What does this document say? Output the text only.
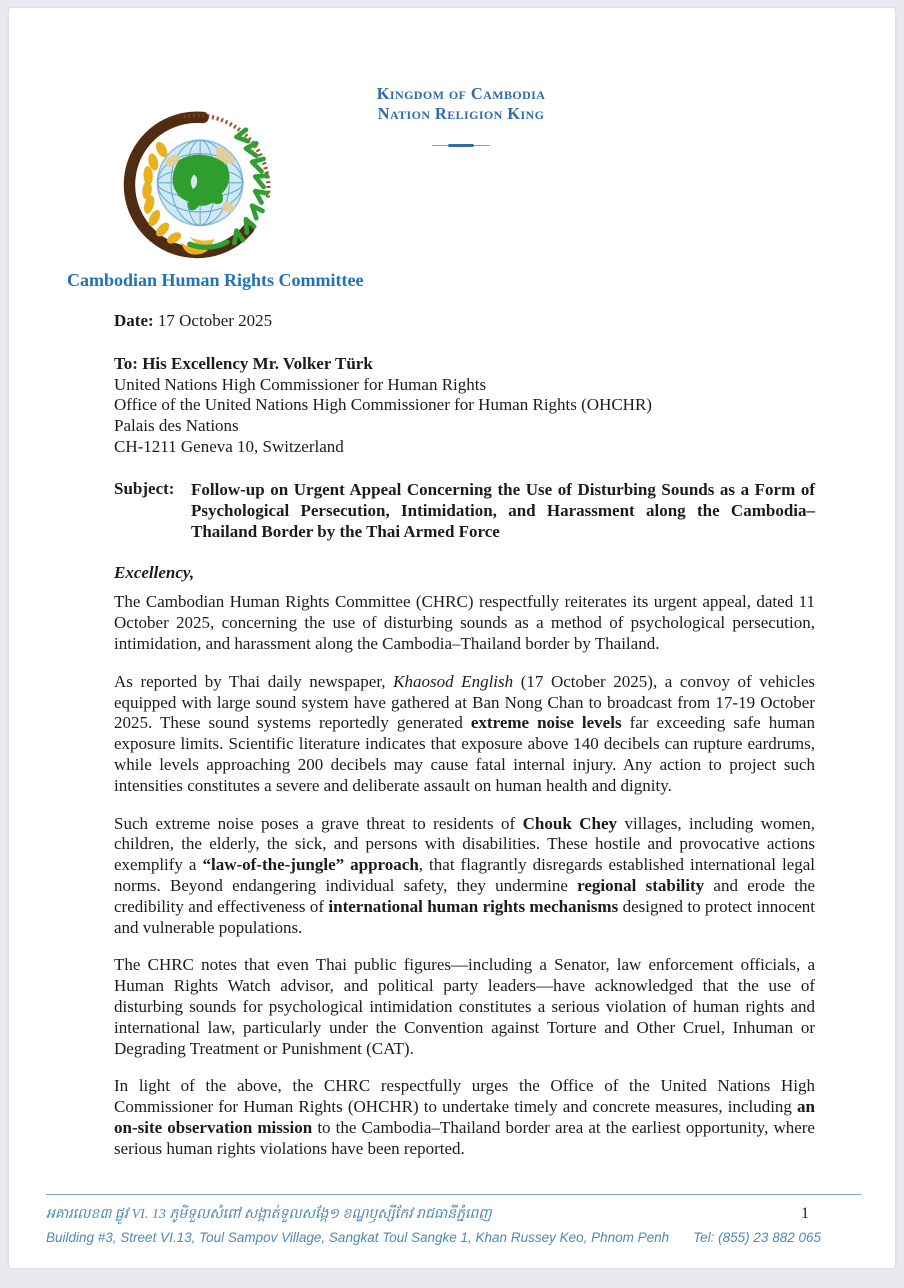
Kingdom of Cambodia
Nation Religion King
Cambodian Human Rights Committee

Date: 17 October 2025

To: His Excellency Mr. Volker Türk

United Nations High Commissioner for Human Rights

Office of the United Nations High Commissioner for Human Rights (OHCHR)

Palais des Nations

CH-1211 Geneva 10, Switzerland

Subject: Follow-up on Urgent Appeal Concerning the Use of Disturbing Sounds as a Form of Psychological Persecution, Intimidation, and Harassment along the Cambodia–Thailand Border by the Thai Armed Force

Excellency,

The Cambodian Human Rights Committee (CHRC) respectfully reiterates its urgent appeal, dated 11 October 2025, concerning the use of disturbing sounds as a method of psychological persecution, intimidation, and harassment along the Cambodia–Thailand border by Thailand.

As reported by Thai daily newspaper, Khaosod English (17 October 2025), a convoy of vehicles equipped with large sound system have gathered at Ban Nong Chan to broadcast from 17-19 October 2025. These sound systems reportedly generated extreme noise levels far exceeding safe human exposure limits. Scientific literature indicates that exposure above 140 decibels can rupture eardrums, while levels approaching 200 decibels may cause fatal internal injury. Any action to project such intensities constitutes a severe and deliberate assault on human health and dignity.

Such extreme noise poses a grave threat to residents of Chouk Chey villages, including women, children, the elderly, the sick, and persons with disabilities. These hostile and provocative actions exemplify a “law-of-the-jungle” approach, that flagrantly disregards established international legal norms. Beyond endangering individual safety, they undermine regional stability and erode the credibility and effectiveness of international human rights mechanisms designed to protect innocent and vulnerable populations.

The CHRC notes that even Thai public figures—including a Senator, law enforcement officials, a Human Rights Watch advisor, and political party leaders—have acknowledged that the use of disturbing sounds for psychological intimidation constitutes a serious violation of human rights and international law, particularly under the Convention against Torture and Other Cruel, Inhuman or Degrading Treatment or Punishment (CAT).

In light of the above, the CHRC respectfully urges the Office of the United Nations High Commissioner for Human Rights (OHCHR) to undertake timely and concrete measures, including an on-site observation mission to the Cambodia–Thailand border area at the earliest opportunity, where serious human rights violations have been reported.

អគារលេខ៣ ផ្លូវ VI. 13 ភូមិទួលសំពៅ សង្កាត់ទួលសង្កែ១ ខណ្ឌឫស្សីកែវ រាជធានីភ្នំពេញ	1
Building #3, Street VI.13, Toul Sampov Village, Sangkat Toul Sangke 1, Khan Russey Keo, Phnom Penh Tel: (855) 23 882 065
